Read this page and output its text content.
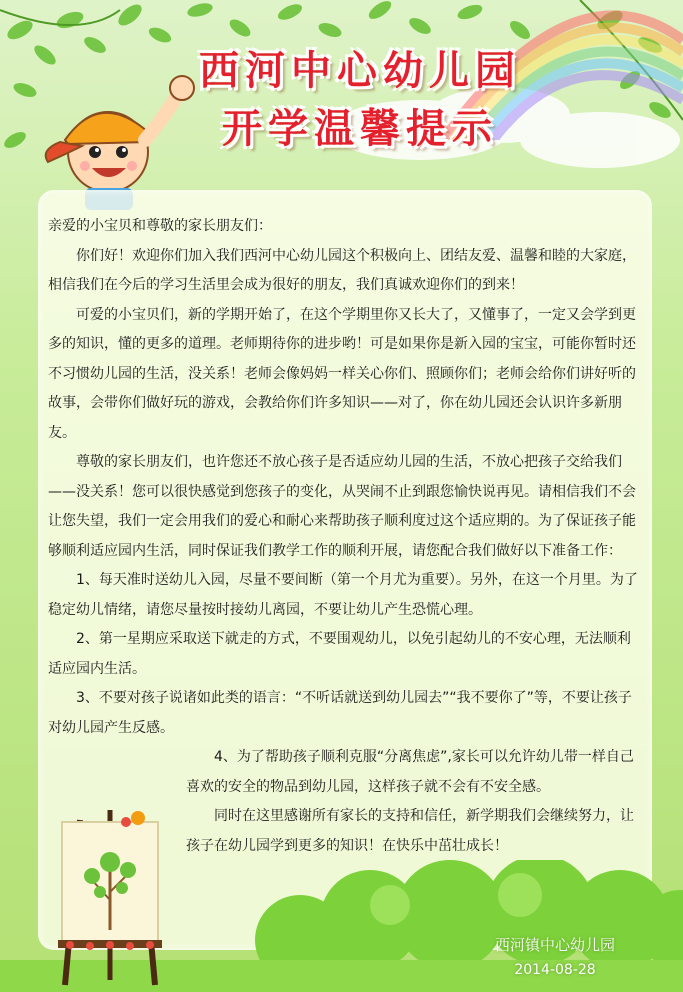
西河中心幼儿园
开学温馨提示

亲爱的小宝贝和尊敬的家长朋友们：

你们好！欢迎你们加入我们西河中心幼儿园这个积极向上、团结友爱、温馨和睦的大家庭，相信我们在今后的学习生活里会成为很好的朋友，我们真诚欢迎你们的到来！

可爱的小宝贝们，新的学期开始了，在这个学期里你又长大了，又懂事了，一定又会学到更多的知识，懂的更多的道理。老师期待你的进步哟！可是如果你是新入园的宝宝，可能你暂时还不习惯幼儿园的生活，没关系！老师会像妈妈一样关心你们、照顾你们；老师会给你们讲好听的故事，会带你们做好玩的游戏，会教给你们许多知识——对了，你在幼儿园还会认识许多新朋友。

尊敬的家长朋友们，也许您还不放心孩子是否适应幼儿园的生活，不放心把孩子交给我们——没关系！您可以很快感觉到您孩子的变化，从哭闹不止到跟您愉快说再见。请相信我们不会让您失望，我们一定会用我们的爱心和耐心来帮助孩子顺利度过这个适应期的。为了保证孩子能够顺利适应园内生活，同时保证我们教学工作的顺利开展，请您配合我们做好以下准备工作：

1、每天准时送幼儿入园，尽量不要间断（第一个月尤为重要）。另外，在这一个月里。为了稳定幼儿情绪，请您尽量按时接幼儿离园，不要让幼儿产生恐慌心理。

2、第一星期应采取送下就走的方式，不要围观幼儿，以免引起幼儿的不安心理，无法顺利适应园内生活。

3、不要对孩子说诸如此类的语言：“不听话就送到幼儿园去”“我不要你了”等，不要让孩子对幼儿园产生反感。

4、为了帮助孩子顺利克服“分离焦虑”,家长可以允许幼儿带一样自己喜欢的安全的物品到幼儿园，这样孩子就不会有不安全感。

同时在这里感谢所有家长的支持和信任，新学期我们会继续努力，让孩子在幼儿园学到更多的知识！在快乐中茁壮成长！

西河镇中心幼儿园
2014-08-28
